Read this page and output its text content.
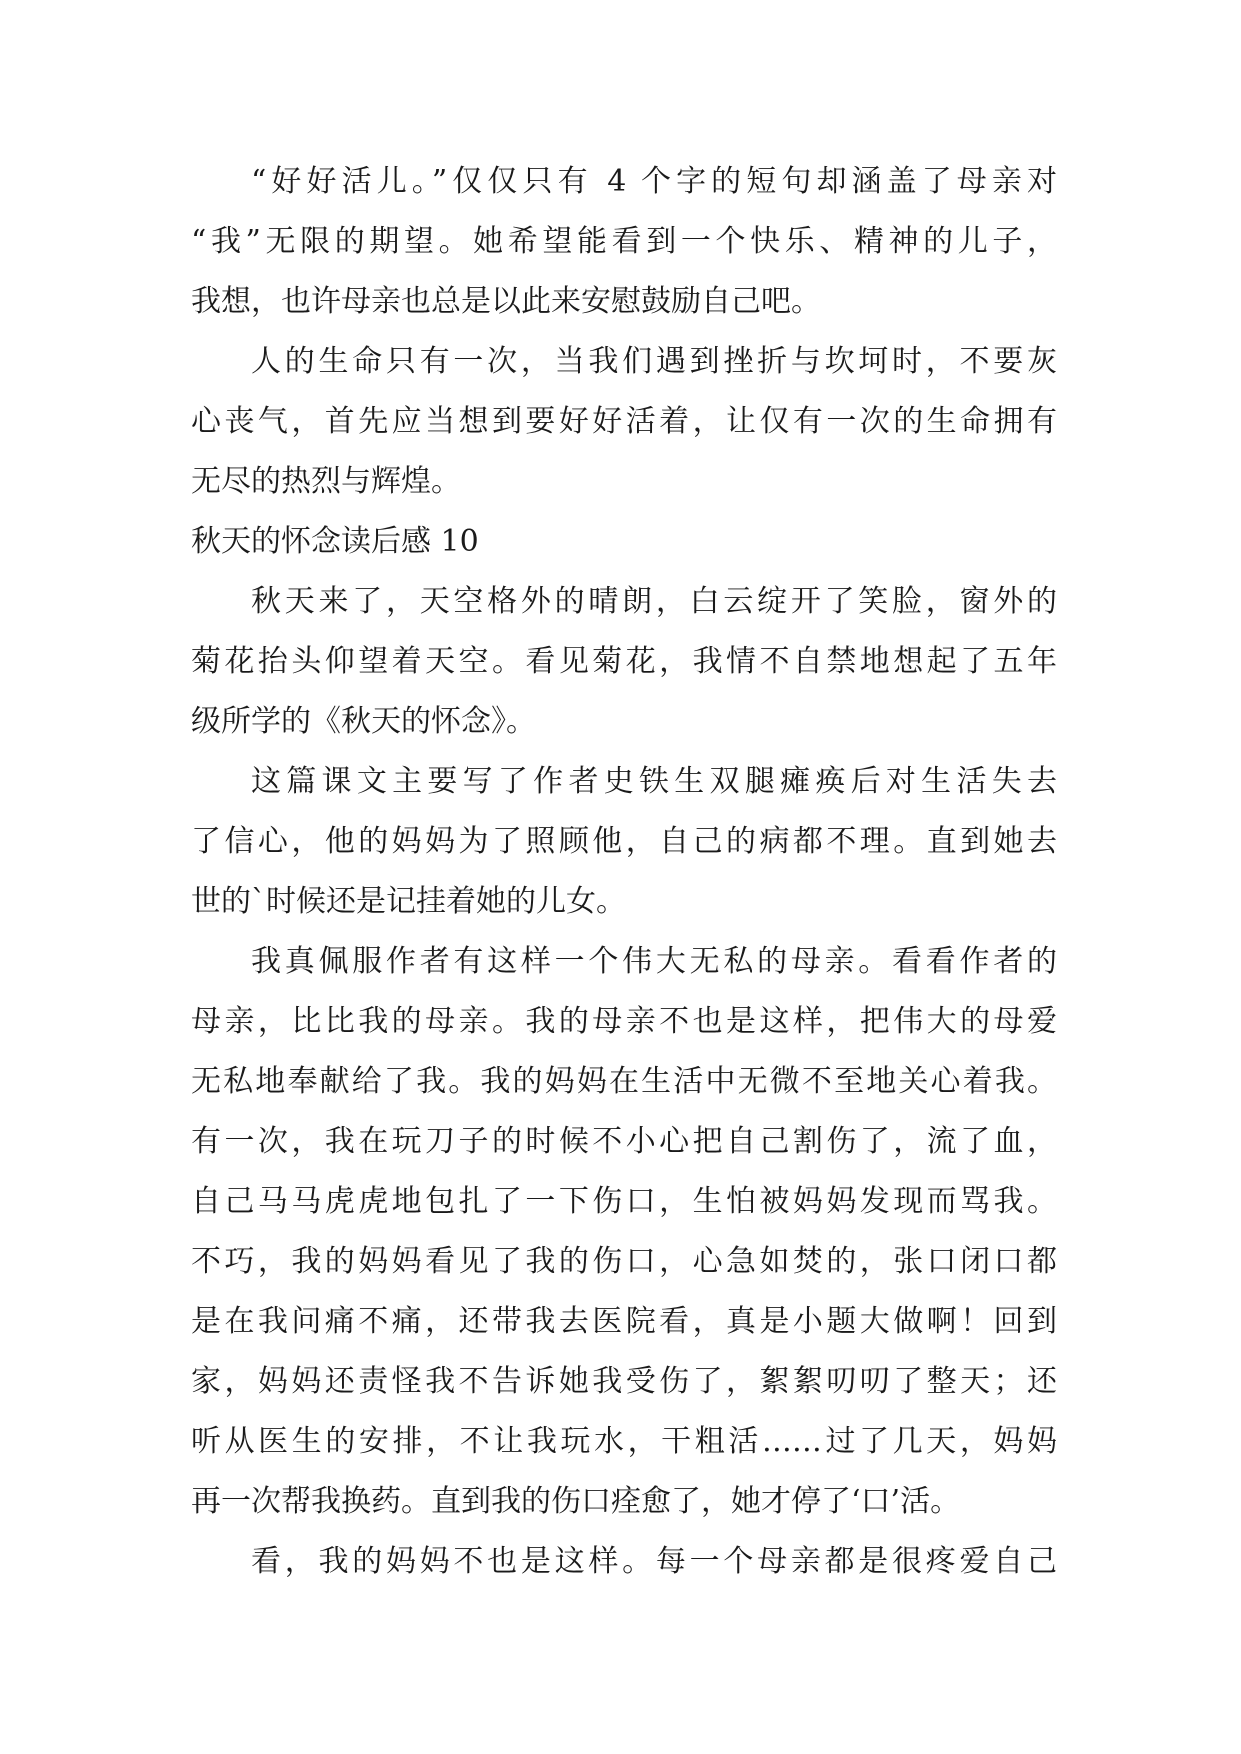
“好好活儿。”仅仅只有 4 个字的短句却涵盖了母亲对
“我”无限的期望。她希望能看到一个快乐、精神的儿子，
我想，也许母亲也总是以此来安慰鼓励自己吧。
人的生命只有一次，当我们遇到挫折与坎坷时，不要灰
心丧气，首先应当想到要好好活着，让仅有一次的生命拥有
无尽的热烈与辉煌。
秋天的怀念读后感 10
秋天来了，天空格外的晴朗，白云绽开了笑脸，窗外的
菊花抬头仰望着天空。看见菊花，我情不自禁地想起了五年
级所学的《秋天的怀念》。
这篇课文主要写了作者史铁生双腿瘫痪后对生活失去
了信心，他的妈妈为了照顾他，自己的病都不理。直到她去
世的`时候还是记挂着她的儿女。
我真佩服作者有这样一个伟大无私的母亲。看看作者的
母亲，比比我的母亲。我的母亲不也是这样，把伟大的母爱
无私地奉献给了我。我的妈妈在生活中无微不至地关心着我。
有一次，我在玩刀子的时候不小心把自己割伤了，流了血，
自己马马虎虎地包扎了一下伤口，生怕被妈妈发现而骂我。
不巧，我的妈妈看见了我的伤口，心急如焚的，张口闭口都
是在我问痛不痛，还带我去医院看，真是小题大做啊！回到
家，妈妈还责怪我不告诉她我受伤了，絮絮叨叨了整天；还
听从医生的安排，不让我玩水，干粗活……过了几天，妈妈
再一次帮我换药。直到我的伤口痊愈了，她才停了‘口’活。
看，我的妈妈不也是这样。每一个母亲都是很疼爱自己
